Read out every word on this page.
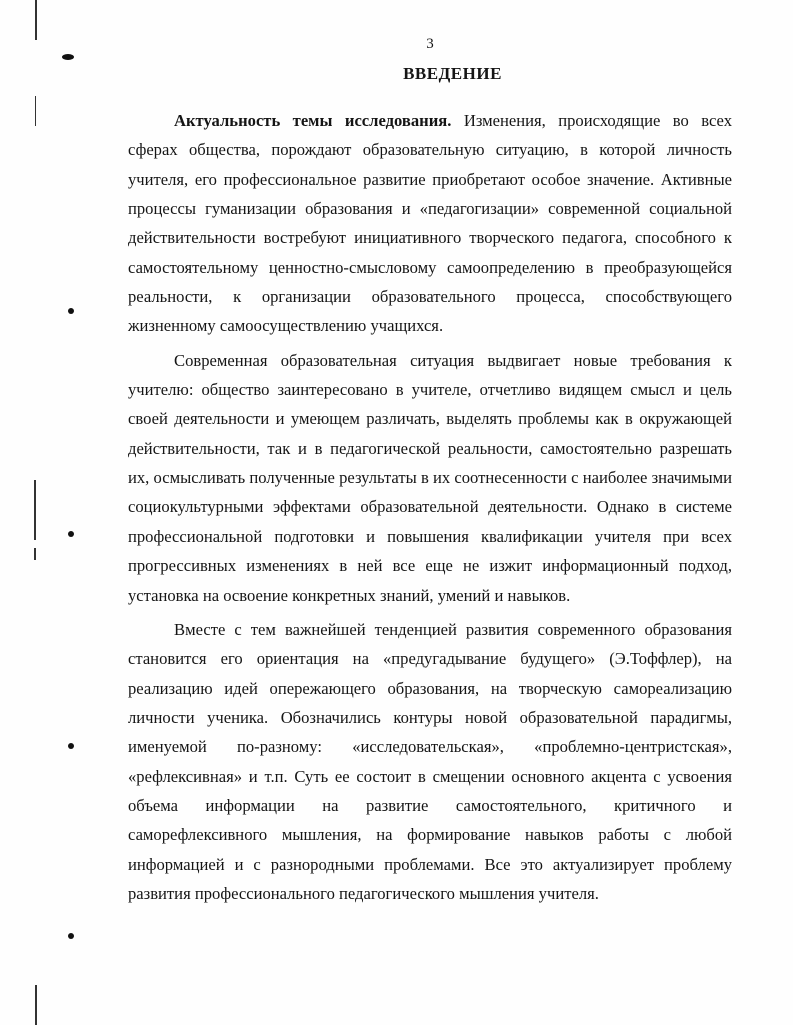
3
ВВЕДЕНИЕ

Актуальность темы исследования. Изменения, происходящие во всех сферах общества, порождают образовательную ситуацию, в которой личность учителя, его профессиональное развитие приобретают особое значение. Активные процессы гуманизации образования и «педагогизации» современной социальной действительности востребуют инициативного творческого педагога, способного к самостоятельному ценностно-смысловому самоопределению в преобразующейся реальности, к организации образовательного процесса, способствующего жизненному самоосуществлению учащихся.

Современная образовательная ситуация выдвигает новые требования к учителю: общество заинтересовано в учителе, отчетливо видящем смысл и цель своей деятельности и умеющем различать, выделять проблемы как в окружающей действительности, так и в педагогической реальности, самостоятельно разрешать их, осмысливать полученные результаты в их соотнесенности с наиболее значимыми социокультурными эффектами образовательной деятельности. Однако в системе профессиональной подготовки и повышения квалификации учителя при всех прогрессивных изменениях в ней все еще не изжит информационный подход, установка на освоение конкретных знаний, умений и навыков.

Вместе с тем важнейшей тенденцией развития современного образования становится его ориентация на «предугадывание будущего» (Э.Тоффлер), на реализацию идей опережающего образования, на творческую самореализацию личности ученика. Обозначились контуры новой образовательной парадигмы, именуемой по-разному: «исследовательская», «проблемно-центристская», «рефлексивная» и т.п. Суть ее состоит в смещении основного акцента с усвоения объема информации на развитие самостоятельного, критичного и саморефлексивного мышления, на формирование навыков работы с любой информацией и с разнородными проблемами. Все это актуализирует проблему развития профессионального педагогического мышления учителя.
